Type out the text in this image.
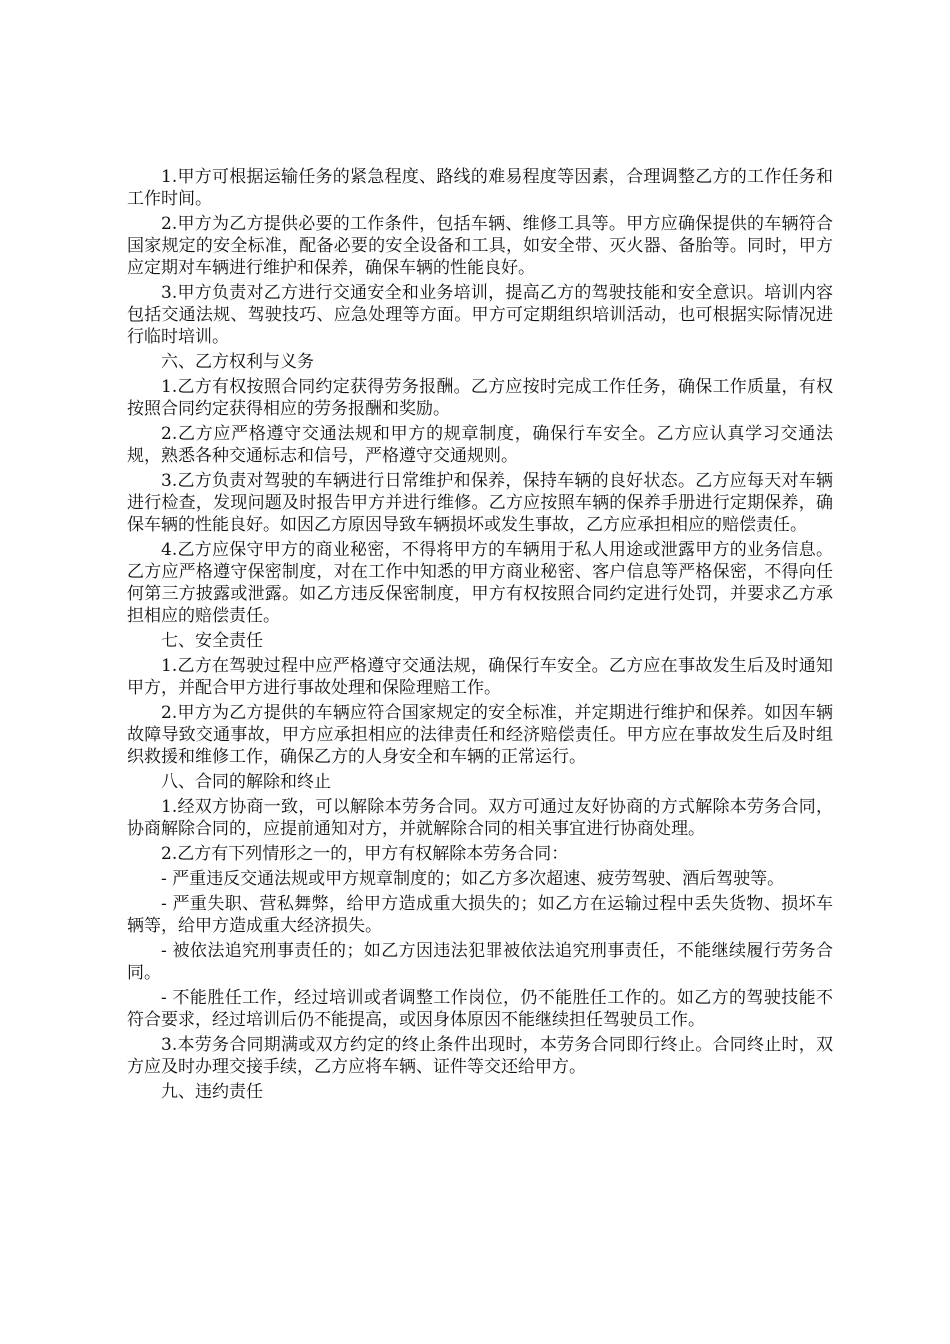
1.甲方可根据运输任务的紧急程度、路线的难易程度等因素，合理调整乙方的工作任务和工作时间。

2.甲方为乙方提供必要的工作条件，包括车辆、维修工具等。甲方应确保提供的车辆符合国家规定的安全标准，配备必要的安全设备和工具，如安全带、灭火器、备胎等。同时，甲方应定期对车辆进行维护和保养，确保车辆的性能良好。

3.甲方负责对乙方进行交通安全和业务培训，提高乙方的驾驶技能和安全意识。培训内容包括交通法规、驾驶技巧、应急处理等方面。甲方可定期组织培训活动，也可根据实际情况进行临时培训。

六、乙方权利与义务

1.乙方有权按照合同约定获得劳务报酬。乙方应按时完成工作任务，确保工作质量，有权按照合同约定获得相应的劳务报酬和奖励。

2.乙方应严格遵守交通法规和甲方的规章制度，确保行车安全。乙方应认真学习交通法规，熟悉各种交通标志和信号，严格遵守交通规则。

3.乙方负责对驾驶的车辆进行日常维护和保养，保持车辆的良好状态。乙方应每天对车辆进行检查，发现问题及时报告甲方并进行维修。乙方应按照车辆的保养手册进行定期保养，确保车辆的性能良好。如因乙方原因导致车辆损坏或发生事故，乙方应承担相应的赔偿责任。

4.乙方应保守甲方的商业秘密，不得将甲方的车辆用于私人用途或泄露甲方的业务信息。乙方应严格遵守保密制度，对在工作中知悉的甲方商业秘密、客户信息等严格保密，不得向任何第三方披露或泄露。如乙方违反保密制度，甲方有权按照合同约定进行处罚，并要求乙方承担相应的赔偿责任。

七、安全责任

1.乙方在驾驶过程中应严格遵守交通法规，确保行车安全。乙方应在事故发生后及时通知甲方，并配合甲方进行事故处理和保险理赔工作。

2.甲方为乙方提供的车辆应符合国家规定的安全标准，并定期进行维护和保养。如因车辆故障导致交通事故，甲方应承担相应的法律责任和经济赔偿责任。甲方应在事故发生后及时组织救援和维修工作，确保乙方的人身安全和车辆的正常运行。

八、合同的解除和终止

1.经双方协商一致，可以解除本劳务合同。双方可通过友好协商的方式解除本劳务合同，协商解除合同的，应提前通知对方，并就解除合同的相关事宜进行协商处理。

2.乙方有下列情形之一的，甲方有权解除本劳务合同：

- 严重违反交通法规或甲方规章制度的；如乙方多次超速、疲劳驾驶、酒后驾驶等。

- 严重失职、营私舞弊，给甲方造成重大损失的；如乙方在运输过程中丢失货物、损坏车辆等，给甲方造成重大经济损失。

- 被依法追究刑事责任的；如乙方因违法犯罪被依法追究刑事责任，不能继续履行劳务合同。

- 不能胜任工作，经过培训或者调整工作岗位，仍不能胜任工作的。如乙方的驾驶技能不符合要求，经过培训后仍不能提高，或因身体原因不能继续担任驾驶员工作。

3.本劳务合同期满或双方约定的终止条件出现时，本劳务合同即行终止。合同终止时，双方应及时办理交接手续，乙方应将车辆、证件等交还给甲方。

九、违约责任
